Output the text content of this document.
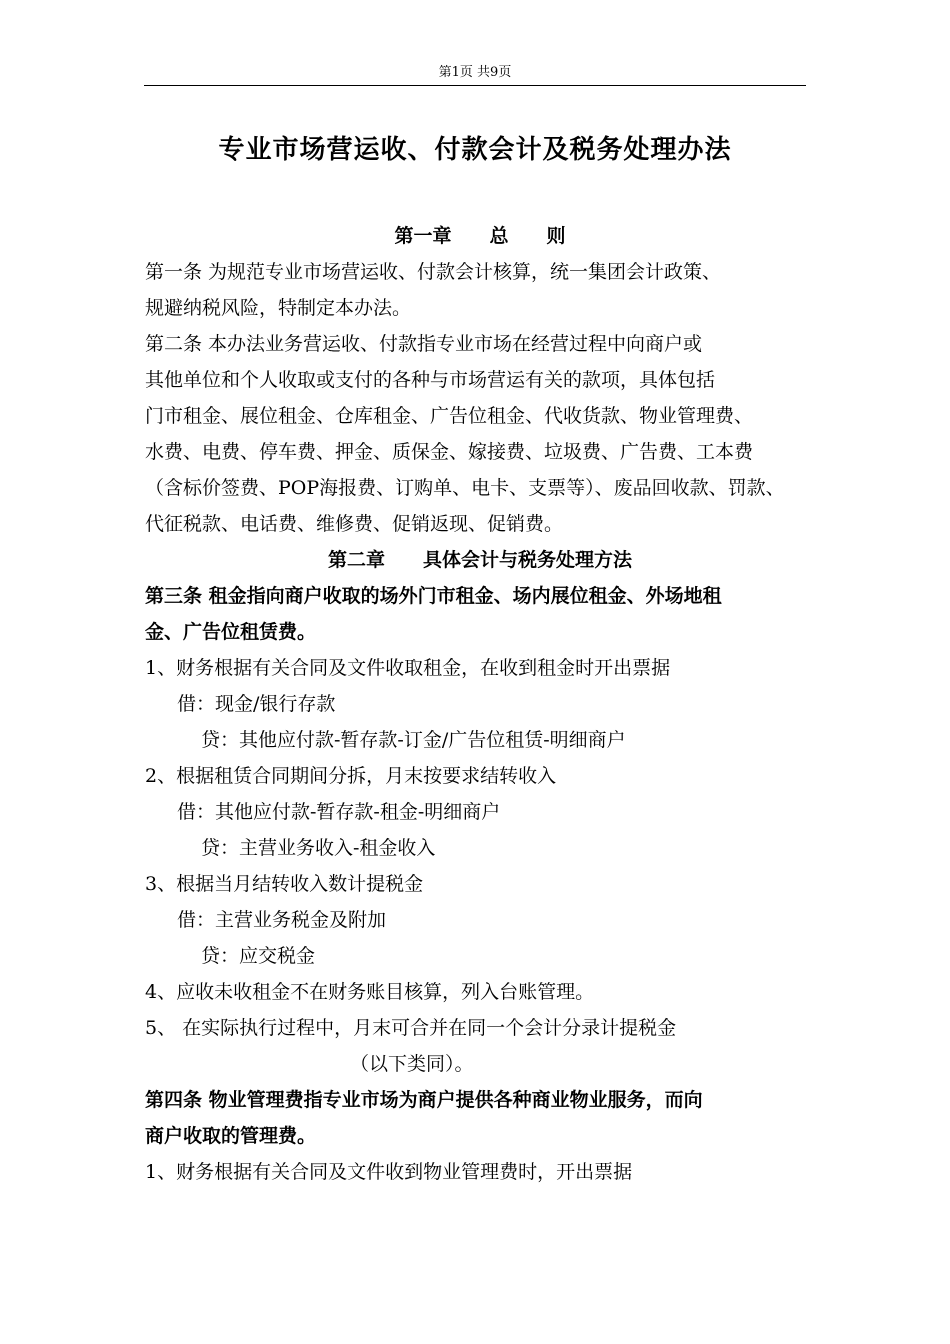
第1页 共9页
专业市场营运收、付款会计及税务处理办法
第一章　　总　　则
第一条 为规范专业市场营运收、付款会计核算，统一集团会计政策、
规避纳税风险，特制定本办法。
第二条 本办法业务营运收、付款指专业市场在经营过程中向商户或
其他单位和个人收取或支付的各种与市场营运有关的款项，具体包括
门市租金、展位租金、仓库租金、广告位租金、代收货款、物业管理费、
水费、电费、停车费、押金、质保金、嫁接费、垃圾费、广告费、工本费
（含标价签费、POP海报费、订购单、电卡、支票等）、废品回收款、罚款、
代征税款、电话费、维修费、促销返现、促销费。
第二章　　具体会计与税务处理方法
第三条 租金指向商户收取的场外门市租金、场内展位租金、外场地租
金、广告位租赁费。
1、财务根据有关合同及文件收取租金，在收到租金时开出票据
借：现金/银行存款
贷：其他应付款-暂存款-订金/广告位租赁-明细商户
2、根据租赁合同期间分拆，月末按要求结转收入
借：其他应付款-暂存款-租金-明细商户
贷：主营业务收入-租金收入
3、根据当月结转收入数计提税金
借：主营业务税金及附加
贷：应交税金
4、应收未收租金不在财务账目核算，列入台账管理。
5、 在实际执行过程中，月末可合并在同一个会计分录计提税金
（以下类同）。
第四条 物业管理费指专业市场为商户提供各种商业物业服务，而向
商户收取的管理费。
1、财务根据有关合同及文件收到物业管理费时，开出票据
